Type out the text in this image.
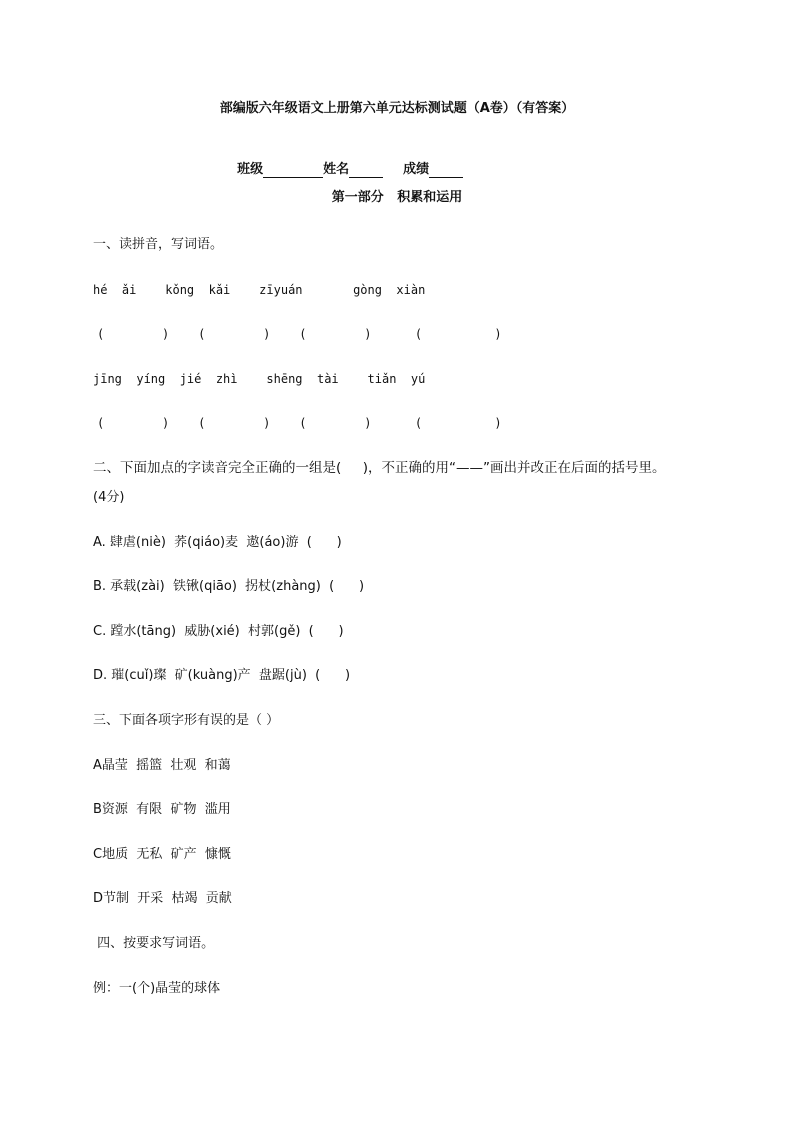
部编版六年级语文上册第六单元达标测试题（A卷）（有答案）

班级	姓名	成绩

第一部分   积累和运用
一、读拼音，写词语。
hé  ǎi    kǒng  kǎi    zīyuán       gòng  xiàn
(        )    (        )    (        )      (          )
jīng  yíng  jié  zhì    shēng  tài    tiǎn  yú
(        )    (        )    (        )      (          )
二、下面加点的字读音完全正确的一组是(     )，不正确的用“——”画出并改正在后面的括号里。
(4分)
A. 肆虐(niè)  荞(qiáo)麦  遨(áo)游  (      )
B. 承载(zài)  铁锹(qiāo)  拐杖(zhàng)  (      )
C. 蹚水(tāng)  威胁(xié)  村郭(gě)  (      )
D. 璀(cuǐ)璨  矿(kuàng)产  盘踞(jù)  (      )
三、下面各项字形有误的是（ ）
A晶莹  摇篮  壮观  和蔼
B资源  有限  矿物  滥用
C地质  无私  矿产  慷慨
D节制  开采  枯竭  贡献
四、按要求写词语。
例：一(个)晶莹的球体
